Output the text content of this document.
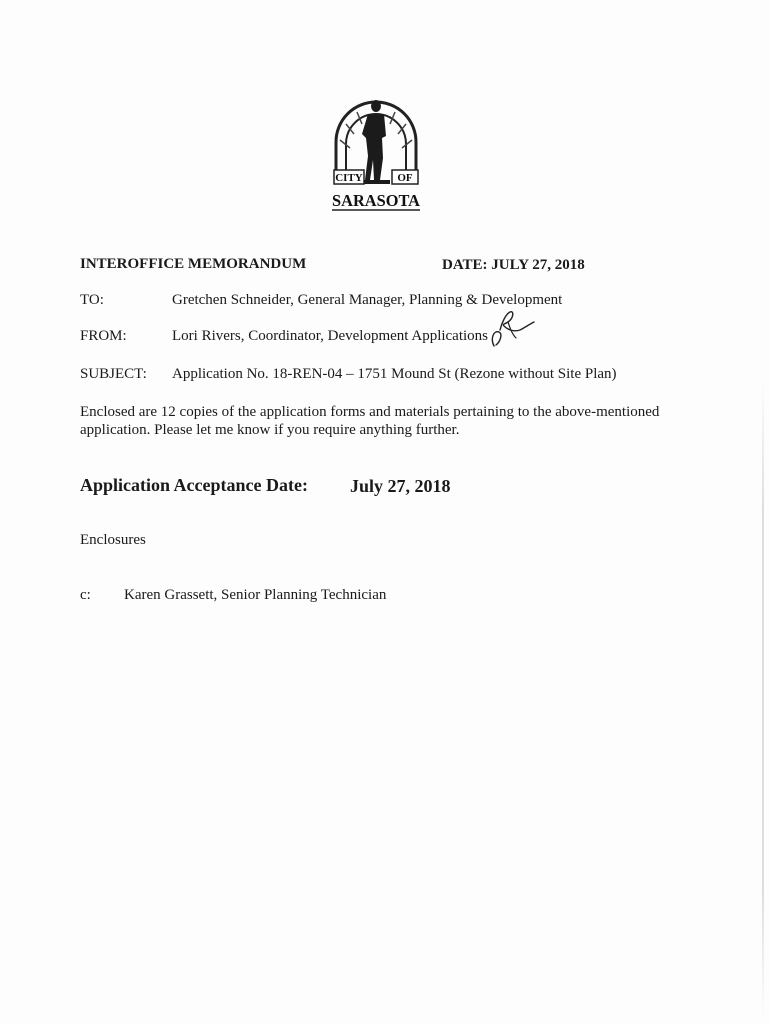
CITY	OF
SARASOTA
INTEROFFICE MEMORANDUM	DATE: JULY 27, 2018
TO:	Gretchen Schneider, General Manager, Planning & Development
FROM:	Lori Rivers, Coordinator, Development Applications
SUBJECT: Application No. 18-REN-04 – 1751 Mound St (Rezone without Site Plan)
Enclosed are 12 copies of the application forms and materials pertaining to the above-mentioned application. Please let me know if you require anything further.
Application Acceptance Date: July 27, 2018
Enclosures
c: Karen Grassett, Senior Planning Technician
